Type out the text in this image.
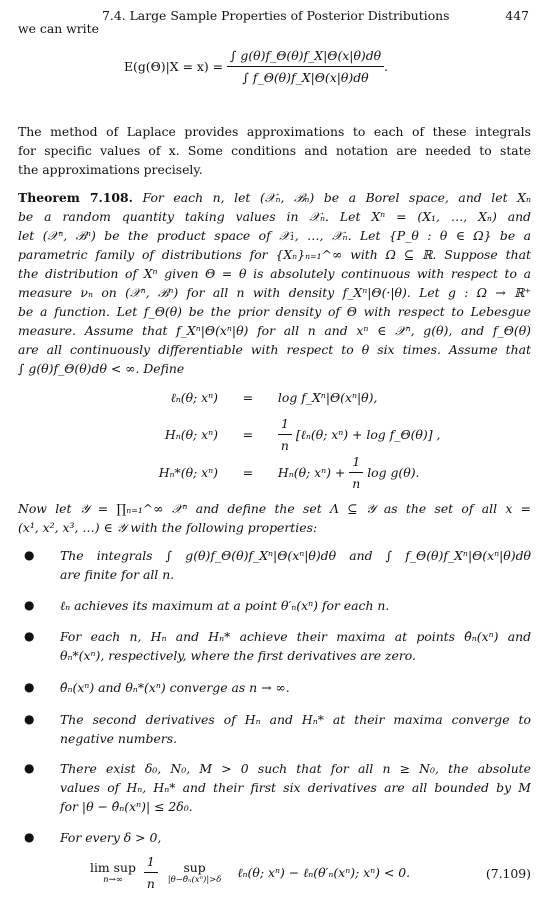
7.4. Large Sample Properties of Posterior Distributions	447
we can write
$E(g(\Theta)|X = x) = \frac{\int g(\theta)f\_\Theta(\theta)f\_X|\Theta(x|\theta)d\theta}{\int f\_\Theta(\theta)f\_X|\Theta(x|\theta)d\theta}$ .
The method of Laplace provides approximations to each of these integrals
for specific values of x. Some conditions and notation are needed to state
the approximations precisely.
Theorem 7.108. For each n, let (𝒳ₙ, ℬₙ) be a Borel space, and let Xₙ
be a random quantity taking values in 𝒳ₙ. Let Xⁿ = (X₁, …, Xₙ) and
let (𝒳ⁿ, ℬⁿ) be the product space of 𝒳₁, …, 𝒳ₙ. Let {P_θ : θ ∈ Ω} be a
parametric family of distributions for {Xₙ}ₙ₌₁^∞ with Ω ⊆ ℝ. Suppose that
the distribution of Xⁿ given Θ = θ is absolutely continuous with respect to a
measure νₙ on (𝒳ⁿ, ℬⁿ) for all n with density f_Xⁿ|Θ(·|θ). Let g : Ω → ℝ⁺
be a function. Let f_Θ(θ) be the prior density of Θ with respect to Lebesgue
measure. Assume that f_Xⁿ|Θ(xⁿ|θ) for all n and xⁿ ∈ 𝒳ⁿ, g(θ), and f_Θ(θ)
are all continuously differentiable with respect to θ six times. Assume that
∫ g(θ)f_Θ(θ)dθ < ∞. Define
ℓₙ(θ; xⁿ) = log f_Xⁿ|Θ(xⁿ|θ),
Hₙ(θ; $x^n) = \frac{1}{n}$ [ℓₙ(θ; xⁿ) + log f_Θ(θ)] ,
Hₙ*(θ; xⁿ) = Hₙ(θ; $x^n) + \frac{1}{n}$ log g(θ).
Now let 𝒴 = ∏ₙ₌₁^∞ 𝒳ⁿ and define the set Λ ⊆ 𝒴 as the set of all x =
(x¹, x², x³, …) ∈ 𝒴 with the following properties:
● The integrals ∫ g(θ)f_Θ(θ)f_Xⁿ|Θ(xⁿ|θ)dθ and ∫ f_Θ(θ)f_Xⁿ|Θ(xⁿ|θ)dθ
are finite for all n.
● ℓₙ achieves its maximum at a point θ′ₙ(xⁿ) for each n.
● For each n, Hₙ and Hₙ* achieve their maxima at points θ̂ₙ(xⁿ) and
θₙ*(xⁿ), respectively, where the first derivatives are zero.
● θ̂ₙ(xⁿ) and θₙ*(xⁿ) converge as n → ∞.
● The second derivatives of Hₙ and Hₙ* at their maxima converge to
negative numbers.
● There exist δ₀, N₀, M > 0 such that for all n ≥ N₀, the absolute
values of Hₙ, Hₙ* and their first six derivatives are all bounded by M
for |θ − θ̂ₙ(xⁿ)| ≤ 2δ₀.
● For every δ > 0,
lim sup
n→∞
	$\frac{1}{n}$
	sup
|θ−θ̂ₙ(xⁿ)|>δ ℓₙ(θ; xⁿ) − ℓₙ(θ′ₙ(xⁿ); xⁿ) < 0.	(7.109)
